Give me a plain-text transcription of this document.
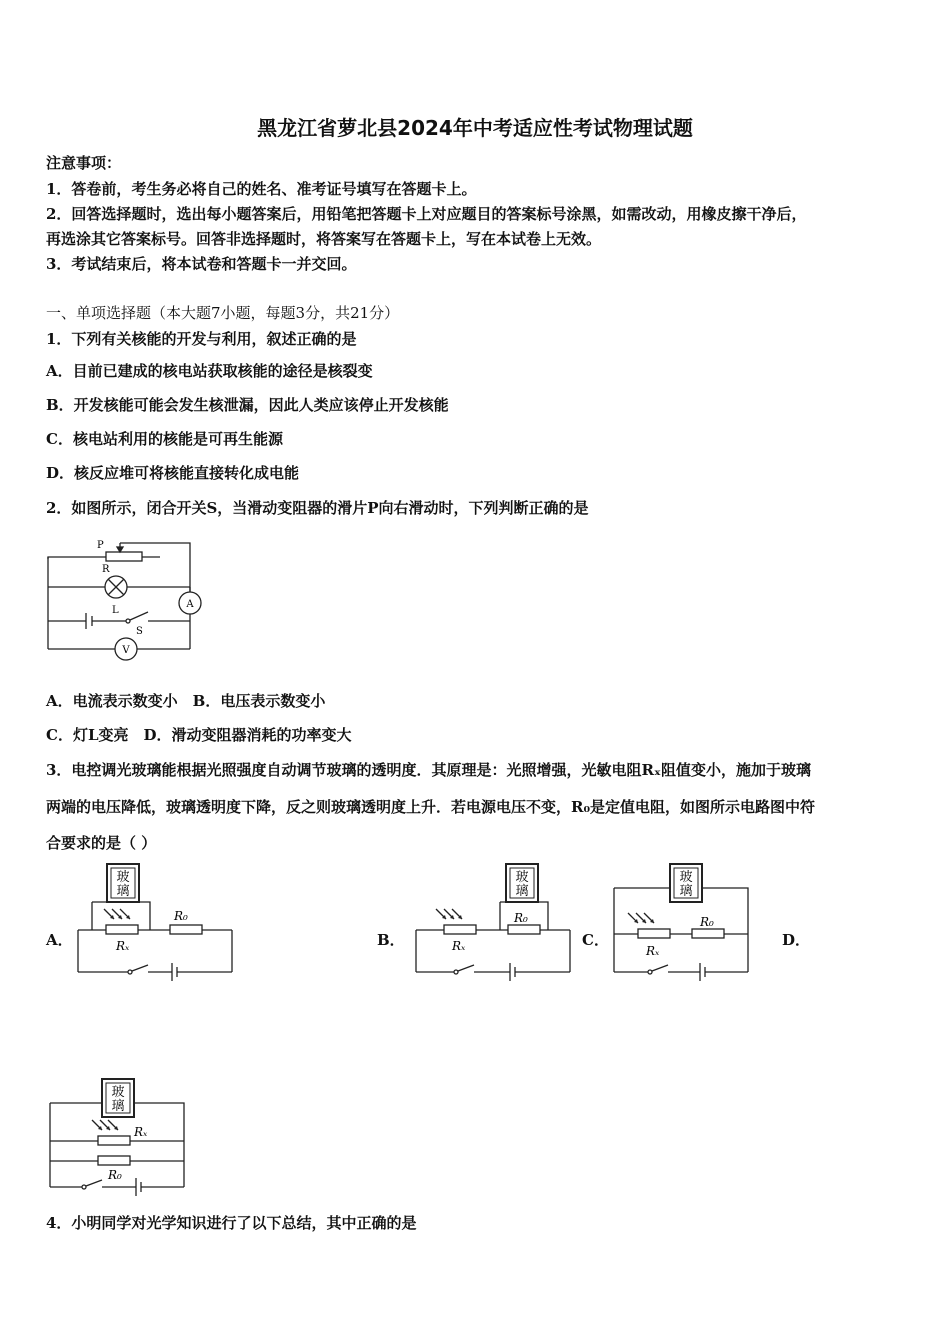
黑龙江省萝北县2024年中考适应性考试物理试题
注意事项：
1．答卷前，考生务必将自己的姓名、准考证号填写在答题卡上。
2．回答选择题时，选出每小题答案后，用铅笔把答题卡上对应题目的答案标号涂黑，如需改动，用橡皮擦干净后，
再选涂其它答案标号。回答非选择题时，将答案写在答题卡上，写在本试卷上无效。
3．考试结束后，将本试卷和答题卡一并交回。
一、单项选择题（本大题7小题，每题3分，共21分）
1．下列有关核能的开发与利用，叙述正确的是
A．目前已建成的核电站获取核能的途径是核裂变
B．开发核能可能会发生核泄漏，因此人类应该停止开发核能
C．核电站利用的核能是可再生能源
D．核反应堆可将核能直接转化成电能
2．如图所示，闭合开关S，当滑动变阻器的滑片P向右滑动时，下列判断正确的是
P
R
L
S
A
V
A．电流表示数变小　B．电压表示数变小
C．灯L变亮　D．滑动变阻器消耗的功率变大
3．电控调光玻璃能根据光照强度自动调节玻璃的透明度．其原理是：光照增强，光敏电阻Rₓ阻值变小，施加于玻璃
两端的电压降低，玻璃透明度下降，反之则玻璃透明度上升．若电源电压不变，R₀是定值电阻，如图所示电路图中符
合要求的是（ ）
A．	B．	C．	D．
玻
璃
Rₓ
R₀
玻
璃
Rₓ
R₀
玻
璃
Rₓ
R₀
玻
璃
Rₓ
R₀
4．小明同学对光学知识进行了以下总结，其中正确的是
